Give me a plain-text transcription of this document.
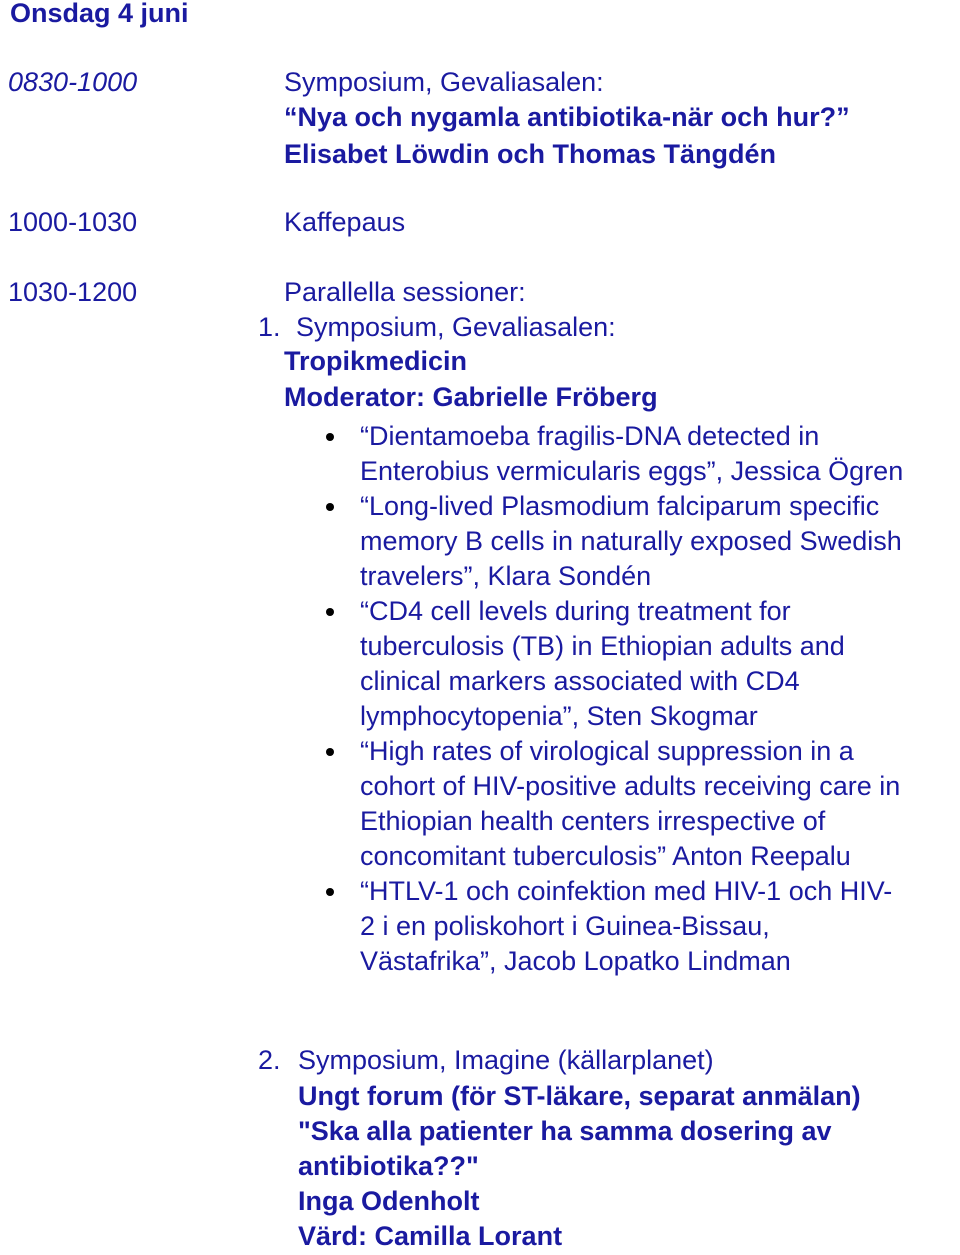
Onsdag 4 juni
0830-1000	Symposium, Gevaliasalen:
“Nya och nygamla antibiotika-när och hur?”
Elisabet Löwdin och Thomas Tängdén
1000-1030	Kaffepaus
1030-1200	Parallella sessioner:
1. Symposium, Gevaliasalen:
Tropikmedicin
Moderator: Gabrielle Fröberg
“Dientamoeba fragilis-DNA detected in
Enterobius vermicularis eggs”, Jessica Ögren
“Long-lived Plasmodium falciparum specific
memory B cells in naturally exposed Swedish
travelers”, Klara Sondén
“CD4 cell levels during treatment for
tuberculosis (TB) in Ethiopian adults and
clinical markers associated with CD4
lymphocytopenia”, Sten Skogmar
“High rates of virological suppression in a
cohort of HIV-positive adults receiving care in
Ethiopian health centers irrespective of
concomitant tuberculosis” Anton Reepalu
“HTLV-1 och coinfektion med HIV-1 och HIV-
2 i en poliskohort i Guinea-Bissau,
Västafrika”, Jacob Lopatko Lindman
2. Symposium, Imagine (källarplanet)
Ungt forum (för ST-läkare, separat anmälan)
"Ska alla patienter ha samma dosering av
antibiotika??"
Inga Odenholt
Värd: Camilla Lorant
